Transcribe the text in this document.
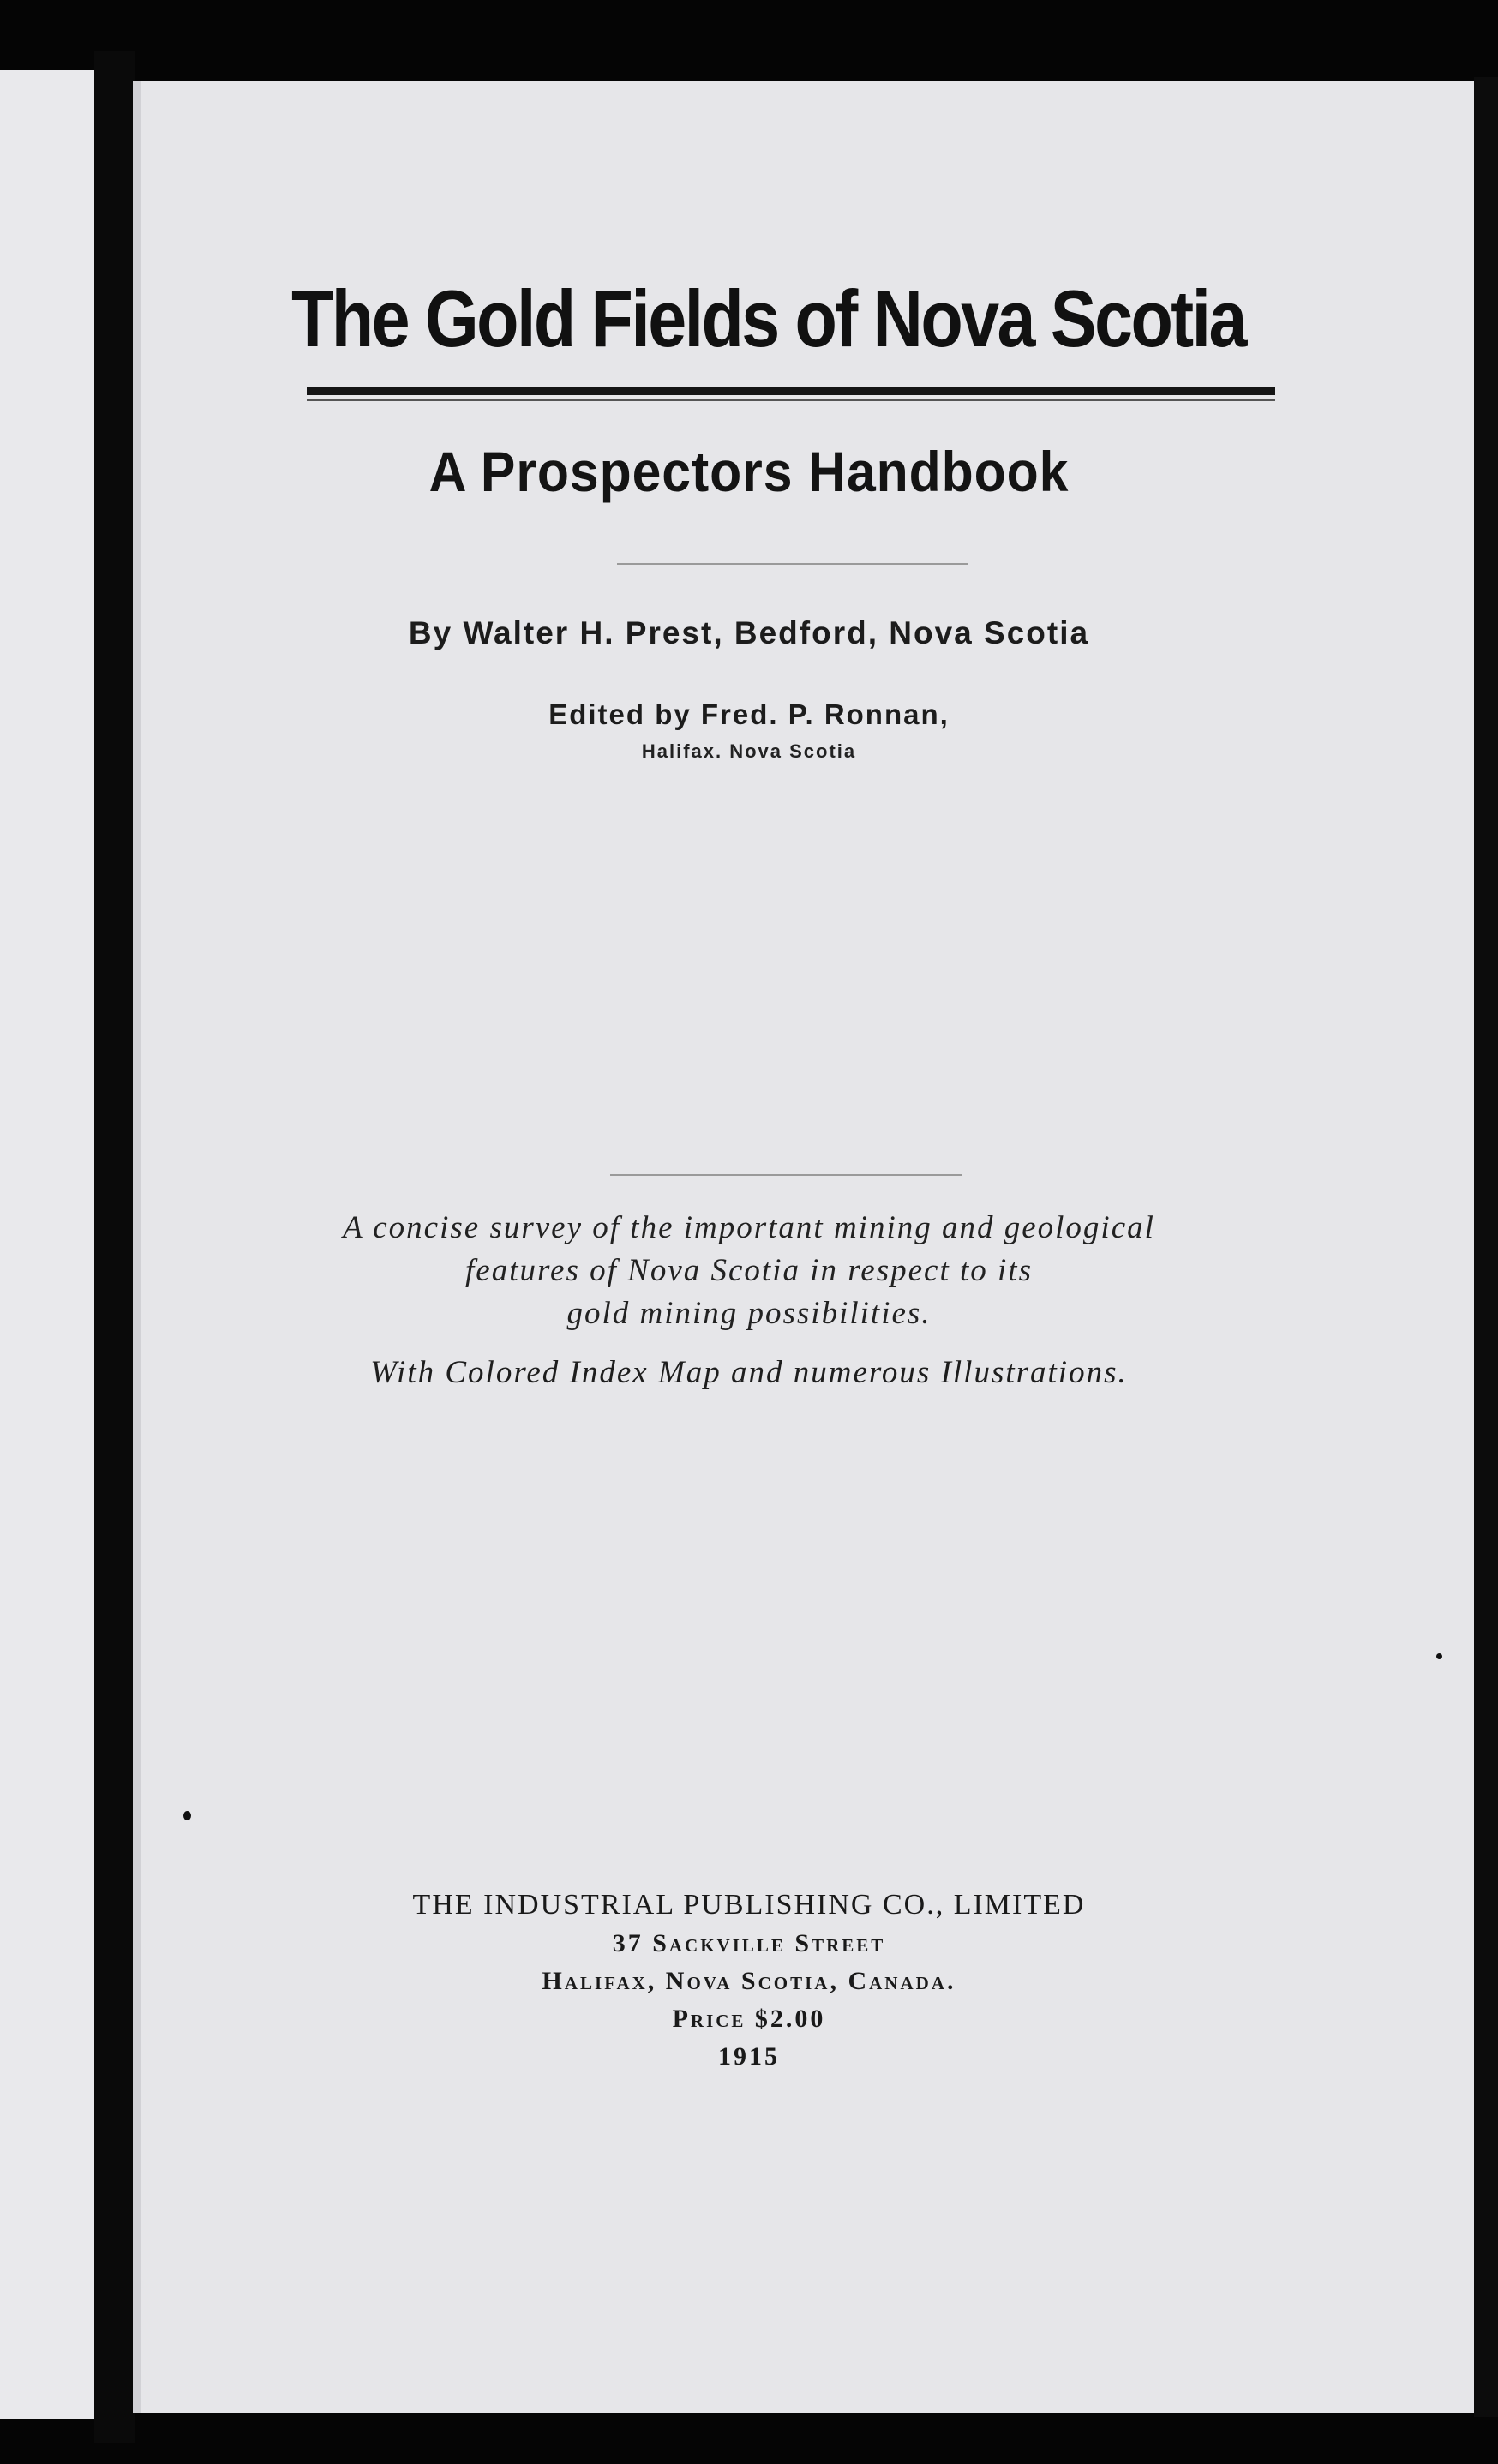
The Gold Fields of Nova Scotia
A Prospectors Handbook
By Walter H. Prest, Bedford, Nova Scotia
Edited by Fred. P. Ronnan,
Halifax. Nova Scotia
A concise survey of the important mining and geological
features of Nova Scotia in respect to its
gold mining possibilities.
With Colored Index Map and numerous Illustrations.
THE INDUSTRIAL PUBLISHING CO., LIMITED
37 Sackville Street
Halifax, Nova Scotia, Canada.
Price $2.00
1915
